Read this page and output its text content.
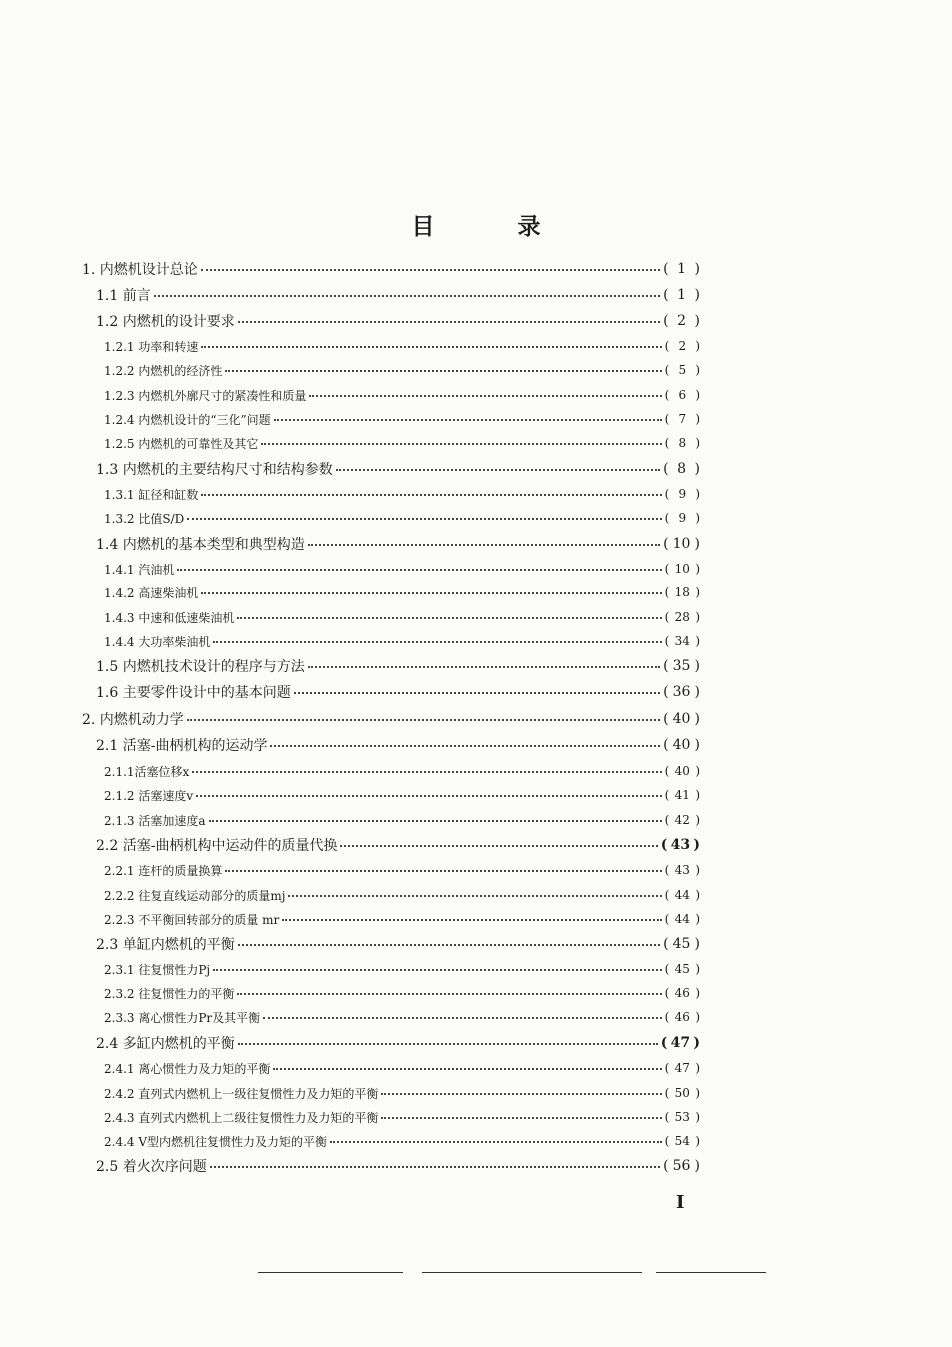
目　录
1. 内燃机设计总论	( 1 )
1.1 前言	( 1 )
1.2 内燃机的设计要求	( 2 )
1.2.1 功率和转速	( 2 )
1.2.2 内燃机的经济性	( 5 )
1.2.3 内燃机外廓尺寸的紧凑性和质量	( 6 )
1.2.4 内燃机设计的“三化”问题	( 7 )
1.2.5 内燃机的可靠性及其它	( 8 )
1.3 内燃机的主要结构尺寸和结构参数	( 8 )
1.3.1 缸径和缸数	( 9 )
1.3.2 比值S/D	( 9 )
1.4 内燃机的基本类型和典型构造	( 10 )
1.4.1 汽油机	( 10 )
1.4.2 高速柴油机	( 18 )
1.4.3 中速和低速柴油机	( 28 )
1.4.4 大功率柴油机	( 34 )
1.5 内燃机技术设计的程序与方法	( 35 )
1.6 主要零件设计中的基本问题	( 36 )
2. 内燃机动力学	( 40 )
2.1 活塞-曲柄机构的运动学	( 40 )
2.1.1活塞位移x	( 40 )
2.1.2 活塞速度v	( 41 )
2.1.3 活塞加速度a	( 42 )
2.2 活塞-曲柄机构中运动件的质量代换	( 43 )
2.2.1 连杆的质量换算	( 43 )
2.2.2 往复直线运动部分的质量mj	( 44 )
2.2.3 不平衡回转部分的质量 mr	( 44 )
2.3 单缸内燃机的平衡	( 45 )
2.3.1 往复惯性力Pj	( 45 )
2.3.2 往复惯性力的平衡	( 46 )
2.3.3 离心惯性力Pr及其平衡	( 46 )
2.4 多缸内燃机的平衡	( 47 )
2.4.1 离心惯性力及力矩的平衡	( 47 )
2.4.2 直列式内燃机上一级往复惯性力及力矩的平衡	( 50 )
2.4.3 直列式内燃机上二级往复惯性力及力矩的平衡	( 53 )
2.4.4 V型内燃机往复惯性力及力矩的平衡	( 54 )
2.5 着火次序问题	( 56 )
I
